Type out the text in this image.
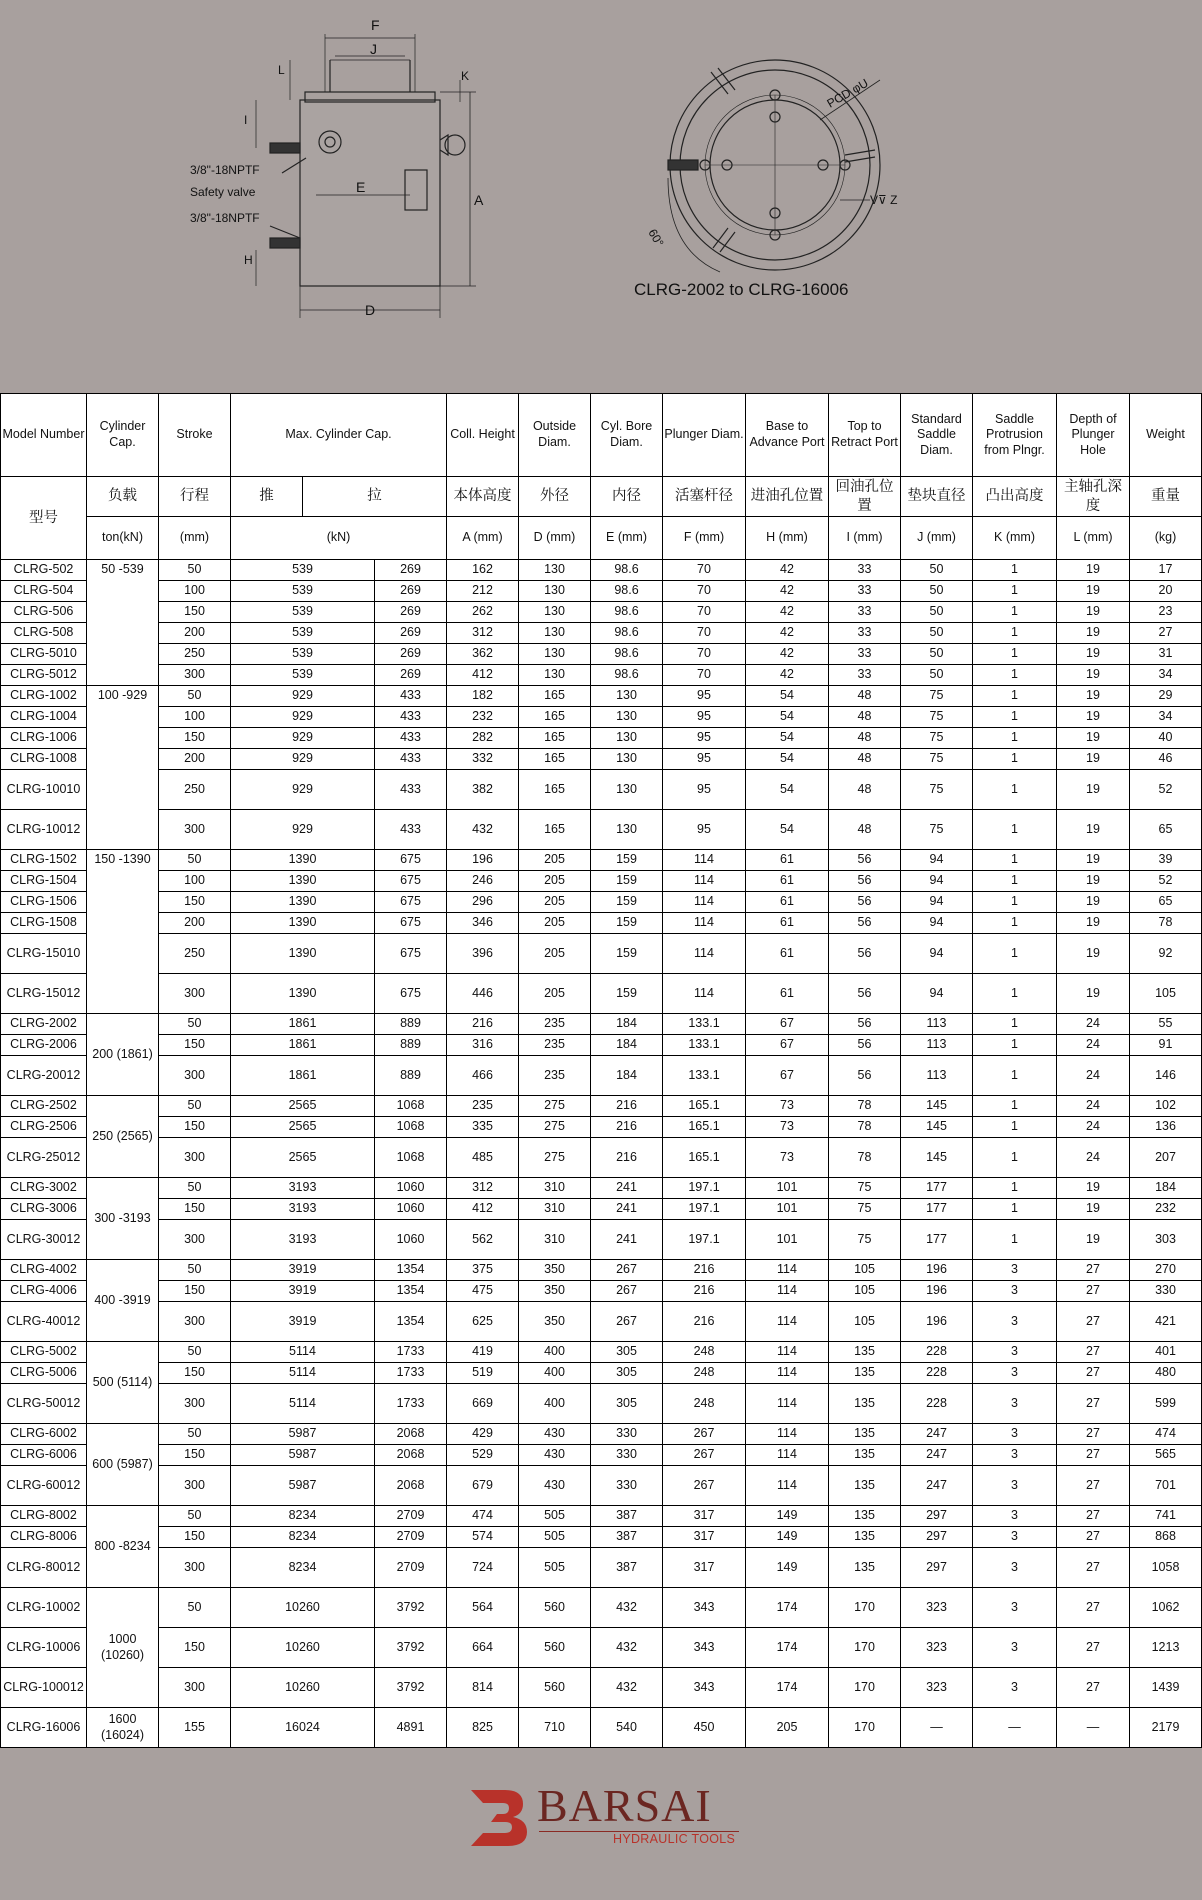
F
J
L	K
I
E
A
H
D
3/8"-18NPTF
Safety valve
3/8"-18NPTF
PCD φU
V⊽ Z
60°
CLRG-2002 to CLRG-16006
Model Number	Cylinder Cap.	Stroke	Max. Cylinder Cap.			Coll. Height	Outside Diam.	Cyl. Bore Diam.	Plunger Diam.	Base to Advance Port	Top to Retract Port	Standard Saddle Diam.	Saddle Protrusion from Plngr.	Depth of Plunger Hole	Weight
型号	负载	行程	推	拉		本体高度	外径	内径	活塞杆径	进油孔位置	回油孔位置	垫块直径	凸出高度	主轴孔深度	重量
	ton(kN)	(mm)	(kN)			A (mm)	D (mm)	E (mm)	F (mm)	H (mm)	I (mm)	J (mm)	K (mm)	L (mm)	(kg)
CLRG-502	50 -539	50	539		269	162	130	98.6	70	42	33	50	1	19	17
CLRG-504		100	539		269	212	130	98.6	70	42	33	50	1	19	20
CLRG-506		150	539		269	262	130	98.6	70	42	33	50	1	19	23
CLRG-508		200	539		269	312	130	98.6	70	42	33	50	1	19	27
CLRG-5010		250	539		269	362	130	98.6	70	42	33	50	1	19	31
CLRG-5012		300	539		269	412	130	98.6	70	42	33	50	1	19	34
CLRG-1002	100 -929	50	929		433	182	165	130	95	54	48	75	1	19	29
CLRG-1004		100	929		433	232	165	130	95	54	48	75	1	19	34
CLRG-1006		150	929		433	282	165	130	95	54	48	75	1	19	40
CLRG-1008		200	929		433	332	165	130	95	54	48	75	1	19	46
CLRG-10010		250	929		433	382	165	130	95	54	48	75	1	19	52
CLRG-10012		300	929		433	432	165	130	95	54	48	75	1	19	65
CLRG-1502	150 -1390	50	1390		675	196	205	159	114	61	56	94	1	19	39
CLRG-1504		100	1390		675	246	205	159	114	61	56	94	1	19	52
CLRG-1506		150	1390		675	296	205	159	114	61	56	94	1	19	65
CLRG-1508		200	1390		675	346	205	159	114	61	56	94	1	19	78
CLRG-15010		250	1390		675	396	205	159	114	61	56	94	1	19	92
CLRG-15012		300	1390		675	446	205	159	114	61	56	94	1	19	105
CLRG-2002	200 (1861)	50	1861		889	216	235	184	133.1	67	56	113	1	24	55
CLRG-2006		150	1861		889	316	235	184	133.1	67	56	113	1	24	91
CLRG-20012		300	1861		889	466	235	184	133.1	67	56	113	1	24	146
CLRG-2502	250 (2565)	50	2565		1068	235	275	216	165.1	73	78	145	1	24	102
CLRG-2506		150	2565		1068	335	275	216	165.1	73	78	145	1	24	136
CLRG-25012		300	2565		1068	485	275	216	165.1	73	78	145	1	24	207
CLRG-3002	300 -3193	50	3193		1060	312	310	241	197.1	101	75	177	1	19	184
CLRG-3006		150	3193		1060	412	310	241	197.1	101	75	177	1	19	232
CLRG-30012		300	3193		1060	562	310	241	197.1	101	75	177	1	19	303
CLRG-4002	400 -3919	50	3919		1354	375	350	267	216	114	105	196	3	27	270
CLRG-4006		150	3919		1354	475	350	267	216	114	105	196	3	27	330
CLRG-40012		300	3919		1354	625	350	267	216	114	105	196	3	27	421
CLRG-5002	500 (5114)	50	5114		1733	419	400	305	248	114	135	228	3	27	401
CLRG-5006		150	5114		1733	519	400	305	248	114	135	228	3	27	480
CLRG-50012		300	5114		1733	669	400	305	248	114	135	228	3	27	599
CLRG-6002	600 (5987)	50	5987		2068	429	430	330	267	114	135	247	3	27	474
CLRG-6006		150	5987		2068	529	430	330	267	114	135	247	3	27	565
CLRG-60012		300	5987		2068	679	430	330	267	114	135	247	3	27	701
CLRG-8002	800 -8234	50	8234		2709	474	505	387	317	149	135	297	3	27	741
CLRG-8006		150	8234		2709	574	505	387	317	149	135	297	3	27	868
CLRG-80012		300	8234		2709	724	505	387	317	149	135	297	3	27	1058
CLRG-10002	1000 (10260)	50	10260		3792	564	560	432	343	174	170	323	3	27	1062
CLRG-10006		150	10260		3792	664	560	432	343	174	170	323	3	27	1213
CLRG-100012		300	10260		3792	814	560	432	343	174	170	323	3	27	1439
CLRG-16006	1600 (16024)	155	16024		4891	825	710	540	450	205	170	—	—	—	2179
BARSAI
HYDRAULIC TOOLS
